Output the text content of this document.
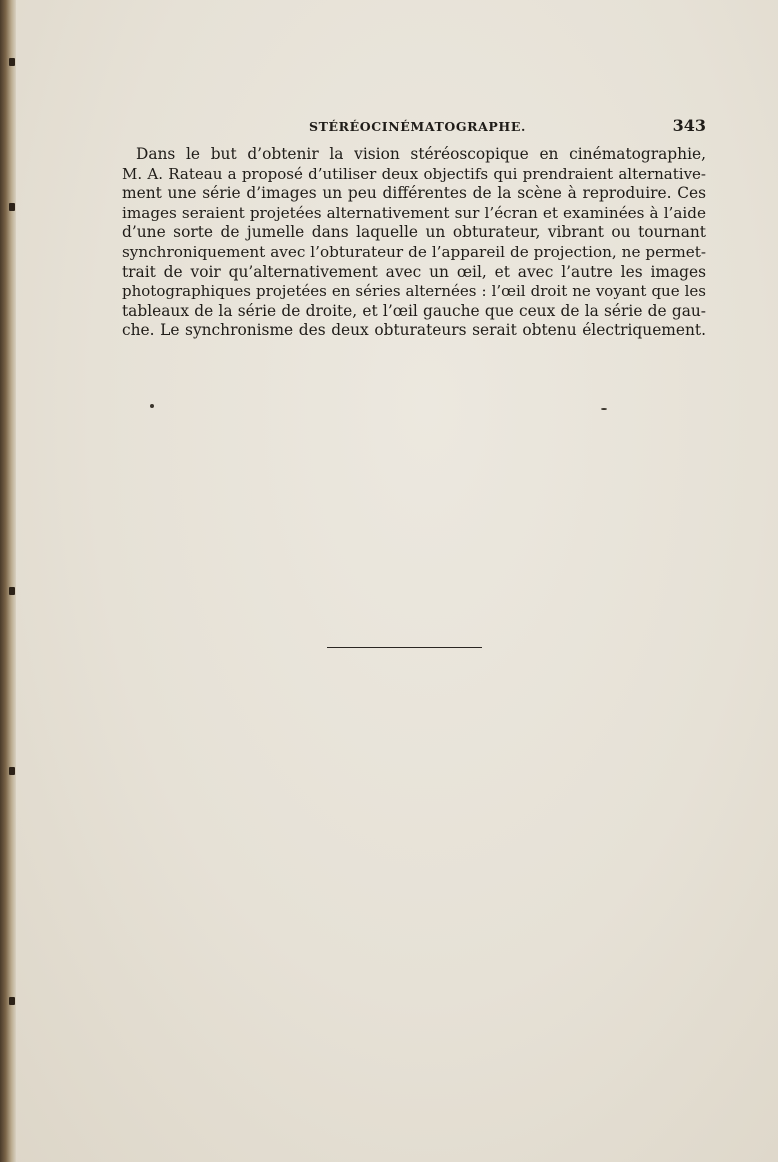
STÉRÉOCINÉMATOGRAPHE.	343

Dans le but d’obtenir la vision stéréoscopique en cinématographie,
M. A. Rateau a proposé d’utiliser deux objectifs qui prendraient alternative-
ment une série d’images un peu différentes de la scène à reproduire. Ces
images seraient projetées alternativement sur l’écran et examinées à l’aide
d’une sorte de jumelle dans laquelle un obturateur, vibrant ou tournant
synchroniquement avec l’obturateur de l’appareil de projection, ne permet-
trait de voir qu’alternativement avec un œil, et avec l’autre les images
photographiques projetées en séries alternées : l’œil droit ne voyant que les
tableaux de la série de droite, et l’œil gauche que ceux de la série de gau-
che. Le synchronisme des deux obturateurs serait obtenu électriquement.
